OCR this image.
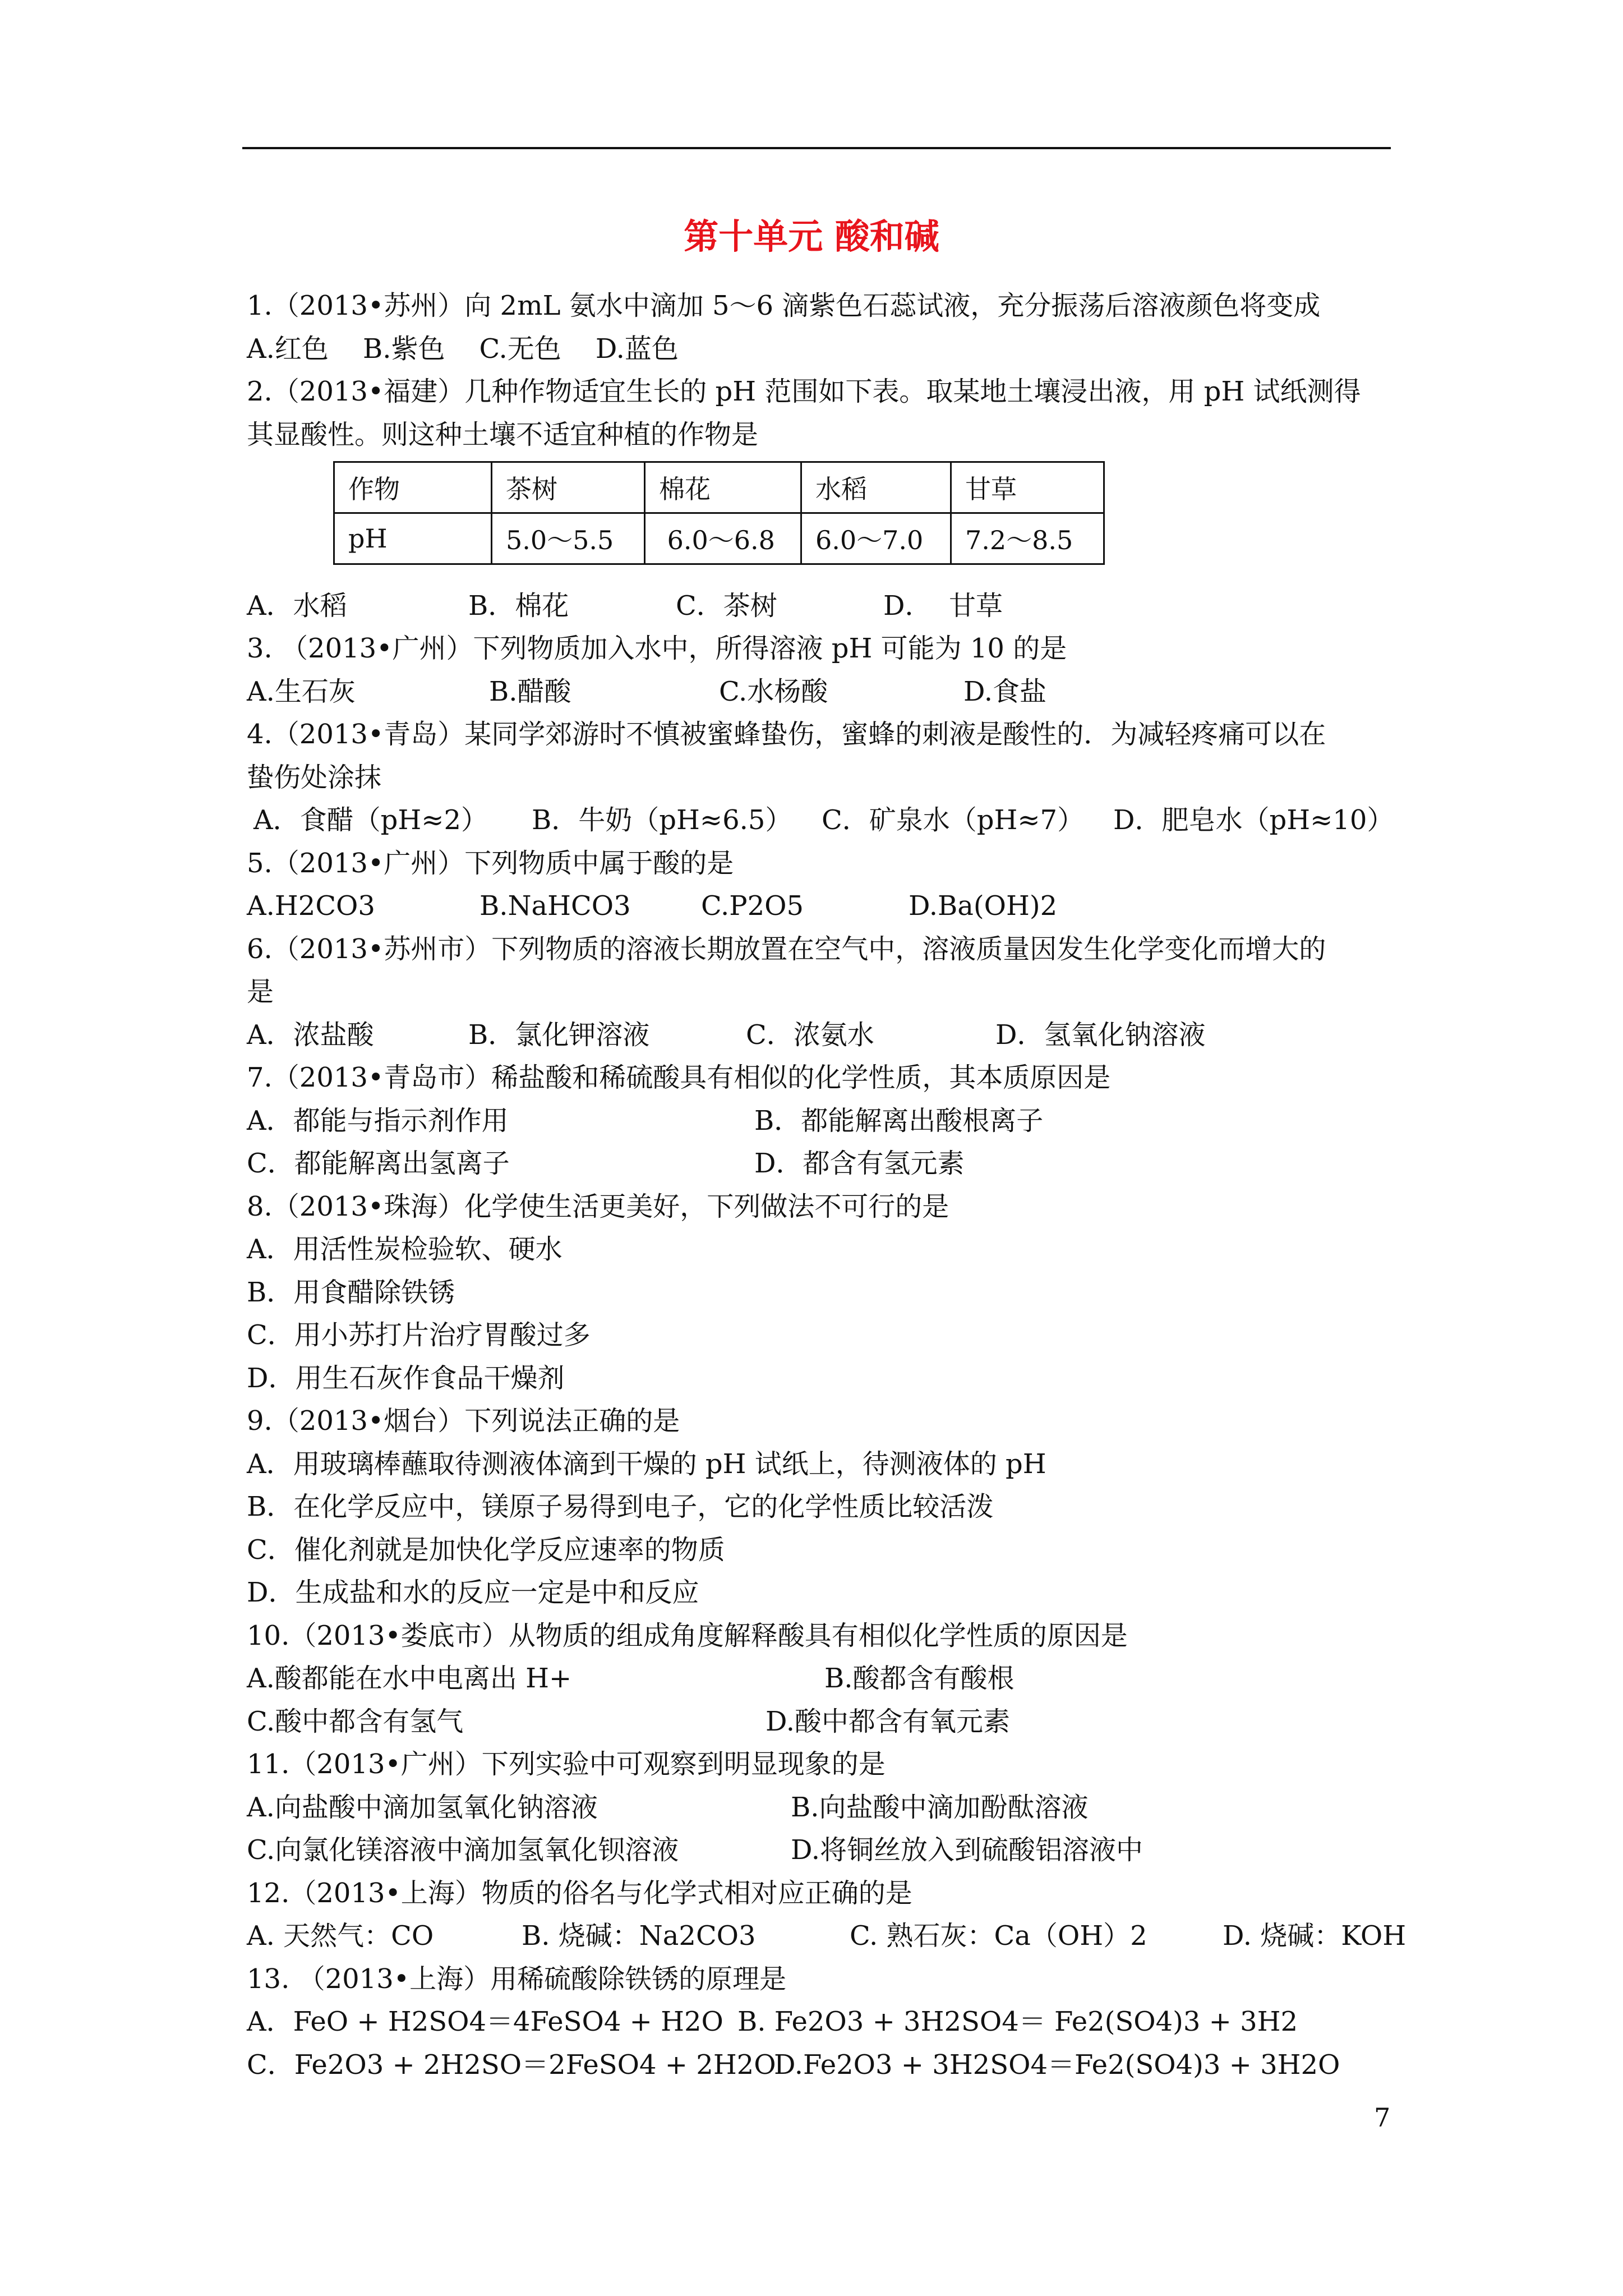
第十单元 酸和碱
1.（2013•苏州）向 2mL 氨水中滴加 5～6 滴紫色石蕊试液，充分振荡后溶液颜色将变成
A.红色    B.紫色    C.无色    D.蓝色
2.（2013•福建）几种作物适宜生长的 pH 范围如下表。取某地土壤浸出液，用 pH 试纸测得
其显酸性。则这种土壤不适宜种植的作物是
作物	茶树	棉花	水稻	甘草
pH	5.0～5.5	6.0～6.8	6.0～7.0	7.2～8.5
A．水稻	B．棉花	C．茶树	D．  甘草
3. （2013•广州）下列物质加入水中，所得溶液 pH 可能为 10 的是
A.生石灰	B.醋酸	C.水杨酸	D.食盐
4.（2013•青岛）某同学郊游时不慎被蜜蜂蛰伤，蜜蜂的刺液是酸性的．为减轻疼痛可以在
蛰伤处涂抹
A．食醋（pH≈2） B．牛奶（pH≈6.5） C．矿泉水（pH≈7） D．肥皂水（pH≈10）
5.（2013•广州）下列物质中属于酸的是
A.H2CO3	B.NaHCO3	C.P2O5	D.Ba(OH)2
6.（2013•苏州市）下列物质的溶液长期放置在空气中，溶液质量因发生化学变化而增大的
是
A．浓盐酸	B．氯化钾溶液	C．浓氨水	D．氢氧化钠溶液
7.（2013•青岛市）稀盐酸和稀硫酸具有相似的化学性质，其本质原因是
A．都能与指示剂作用	B．都能解离出酸根离子
C．都能解离出氢离子	D．都含有氢元素
8.（2013•珠海）化学使生活更美好，下列做法不可行的是
A．用活性炭检验软、硬水
B．用食醋除铁锈
C．用小苏打片治疗胃酸过多
D．用生石灰作食品干燥剂
9.（2013•烟台）下列说法正确的是
A．用玻璃棒蘸取待测液体滴到干燥的 pH 试纸上，待测液体的 pH
B．在化学反应中，镁原子易得到电子，它的化学性质比较活泼
C．催化剂就是加快化学反应速率的物质
D．生成盐和水的反应一定是中和反应
10.（2013•娄底市）从物质的组成角度解释酸具有相似化学性质的原因是
A.酸都能在水中电离出 H+	B.酸都含有酸根
C.酸中都含有氢气	D.酸中都含有氧元素
11.（2013•广州）下列实验中可观察到明显现象的是
A.向盐酸中滴加氢氧化钠溶液	B.向盐酸中滴加酚酞溶液
C.向氯化镁溶液中滴加氢氧化钡溶液	D.将铜丝放入到硫酸铝溶液中
12.（2013•上海）物质的俗名与化学式相对应正确的是
A. 天然气：CO	B. 烧碱：Na2CO3	C. 熟石灰：Ca（OH）2	D. 烧碱：KOH
13. （2013•上海）用稀硫酸除铁锈的原理是
A．FeO + H2SO4＝4FeSO4 + H2O B. Fe2O3 + 3H2SO4＝ Fe2(SO4)3 + 3H2
C．Fe2O3 + 2H2SO＝2FeSO4 + 2H2O
D.Fe2O3 + 3H2SO4＝Fe2(SO4)3 + 3H2O
7
